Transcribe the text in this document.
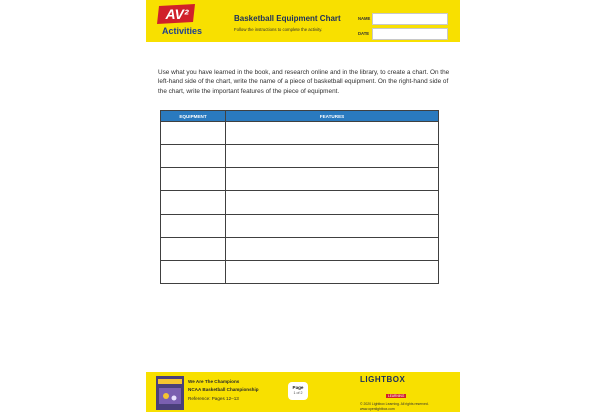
AV²
Activities
Basketball Equipment Chart
Follow the instructions to complete the activity.
NAME
DATE
Use what you have learned in the book, and research online and in the library, to create a chart. On the left-hand side of the chart, write the name of a piece of basketball equipment. On the right-hand side of the chart, write the important features of the piece of equipment.
EQUIPMENT	FEATURES

We Are The Champions
NCAA Basketball Championship
Reference: Pages 12–13
Page
1 of 2
LIGHTBOX
LEARNING
© 2020 Lightbox Learning. All rights reserved.
www.openlightbox.com
